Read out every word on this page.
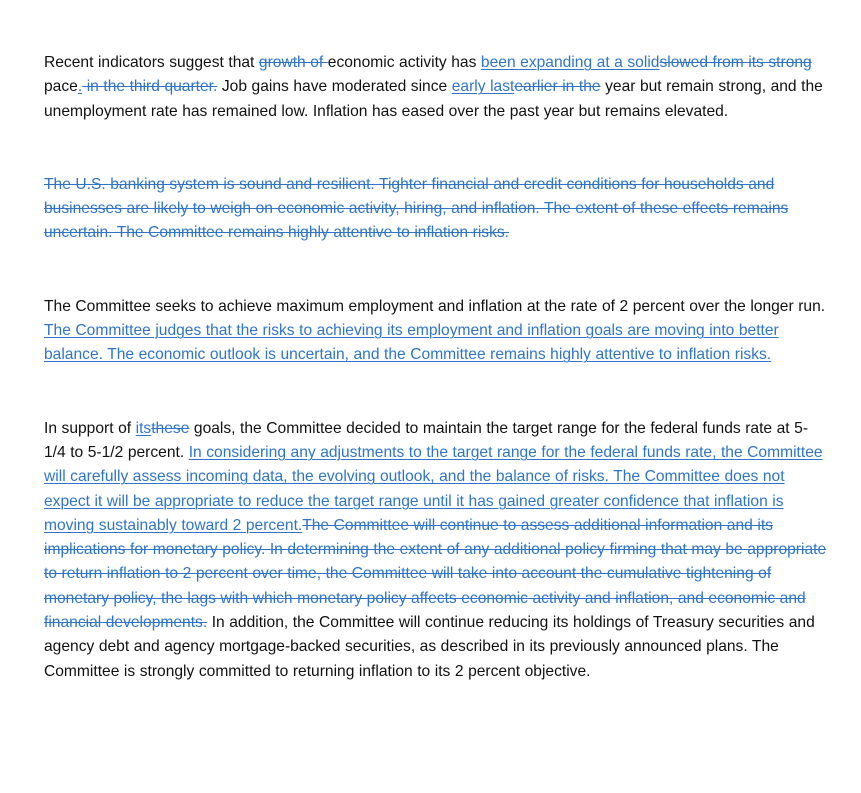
Recent indicators suggest that growth of economic activity has been expanding at a solidslowed from its strong pace. in the third quarter. Job gains have moderated since early lastearlier in the year but remain strong, and the unemployment rate has remained low. Inflation has eased over the past year but remains elevated.

The U.S. banking system is sound and resilient. Tighter financial and credit conditions for households and businesses are likely to weigh on economic activity, hiring, and inflation. The extent of these effects remains uncertain. The Committee remains highly attentive to inflation risks.

The Committee seeks to achieve maximum employment and inflation at the rate of 2 percent over the longer run. The Committee judges that the risks to achieving its employment and inflation goals are moving into better balance. The economic outlook is uncertain, and the Committee remains highly attentive to inflation risks.

In support of itsthese goals, the Committee decided to maintain the target range for the federal funds rate at 5-1/4 to 5-1/2 percent. In considering any adjustments to the target range for the federal funds rate, the Committee will carefully assess incoming data, the evolving outlook, and the balance of risks. The Committee does not expect it will be appropriate to reduce the target range until it has gained greater confidence that inflation is moving sustainably toward 2 percent.The Committee will continue to assess additional information and its implications for monetary policy. In determining the extent of any additional policy firming that may be appropriate to return inflation to 2 percent over time, the Committee will take into account the cumulative tightening of monetary policy, the lags with which monetary policy affects economic activity and inflation, and economic and financial developments. In addition, the Committee will continue reducing its holdings of Treasury securities and agency debt and agency mortgage-backed securities, as described in its previously announced plans. The Committee is strongly committed to returning inflation to its 2 percent objective.
